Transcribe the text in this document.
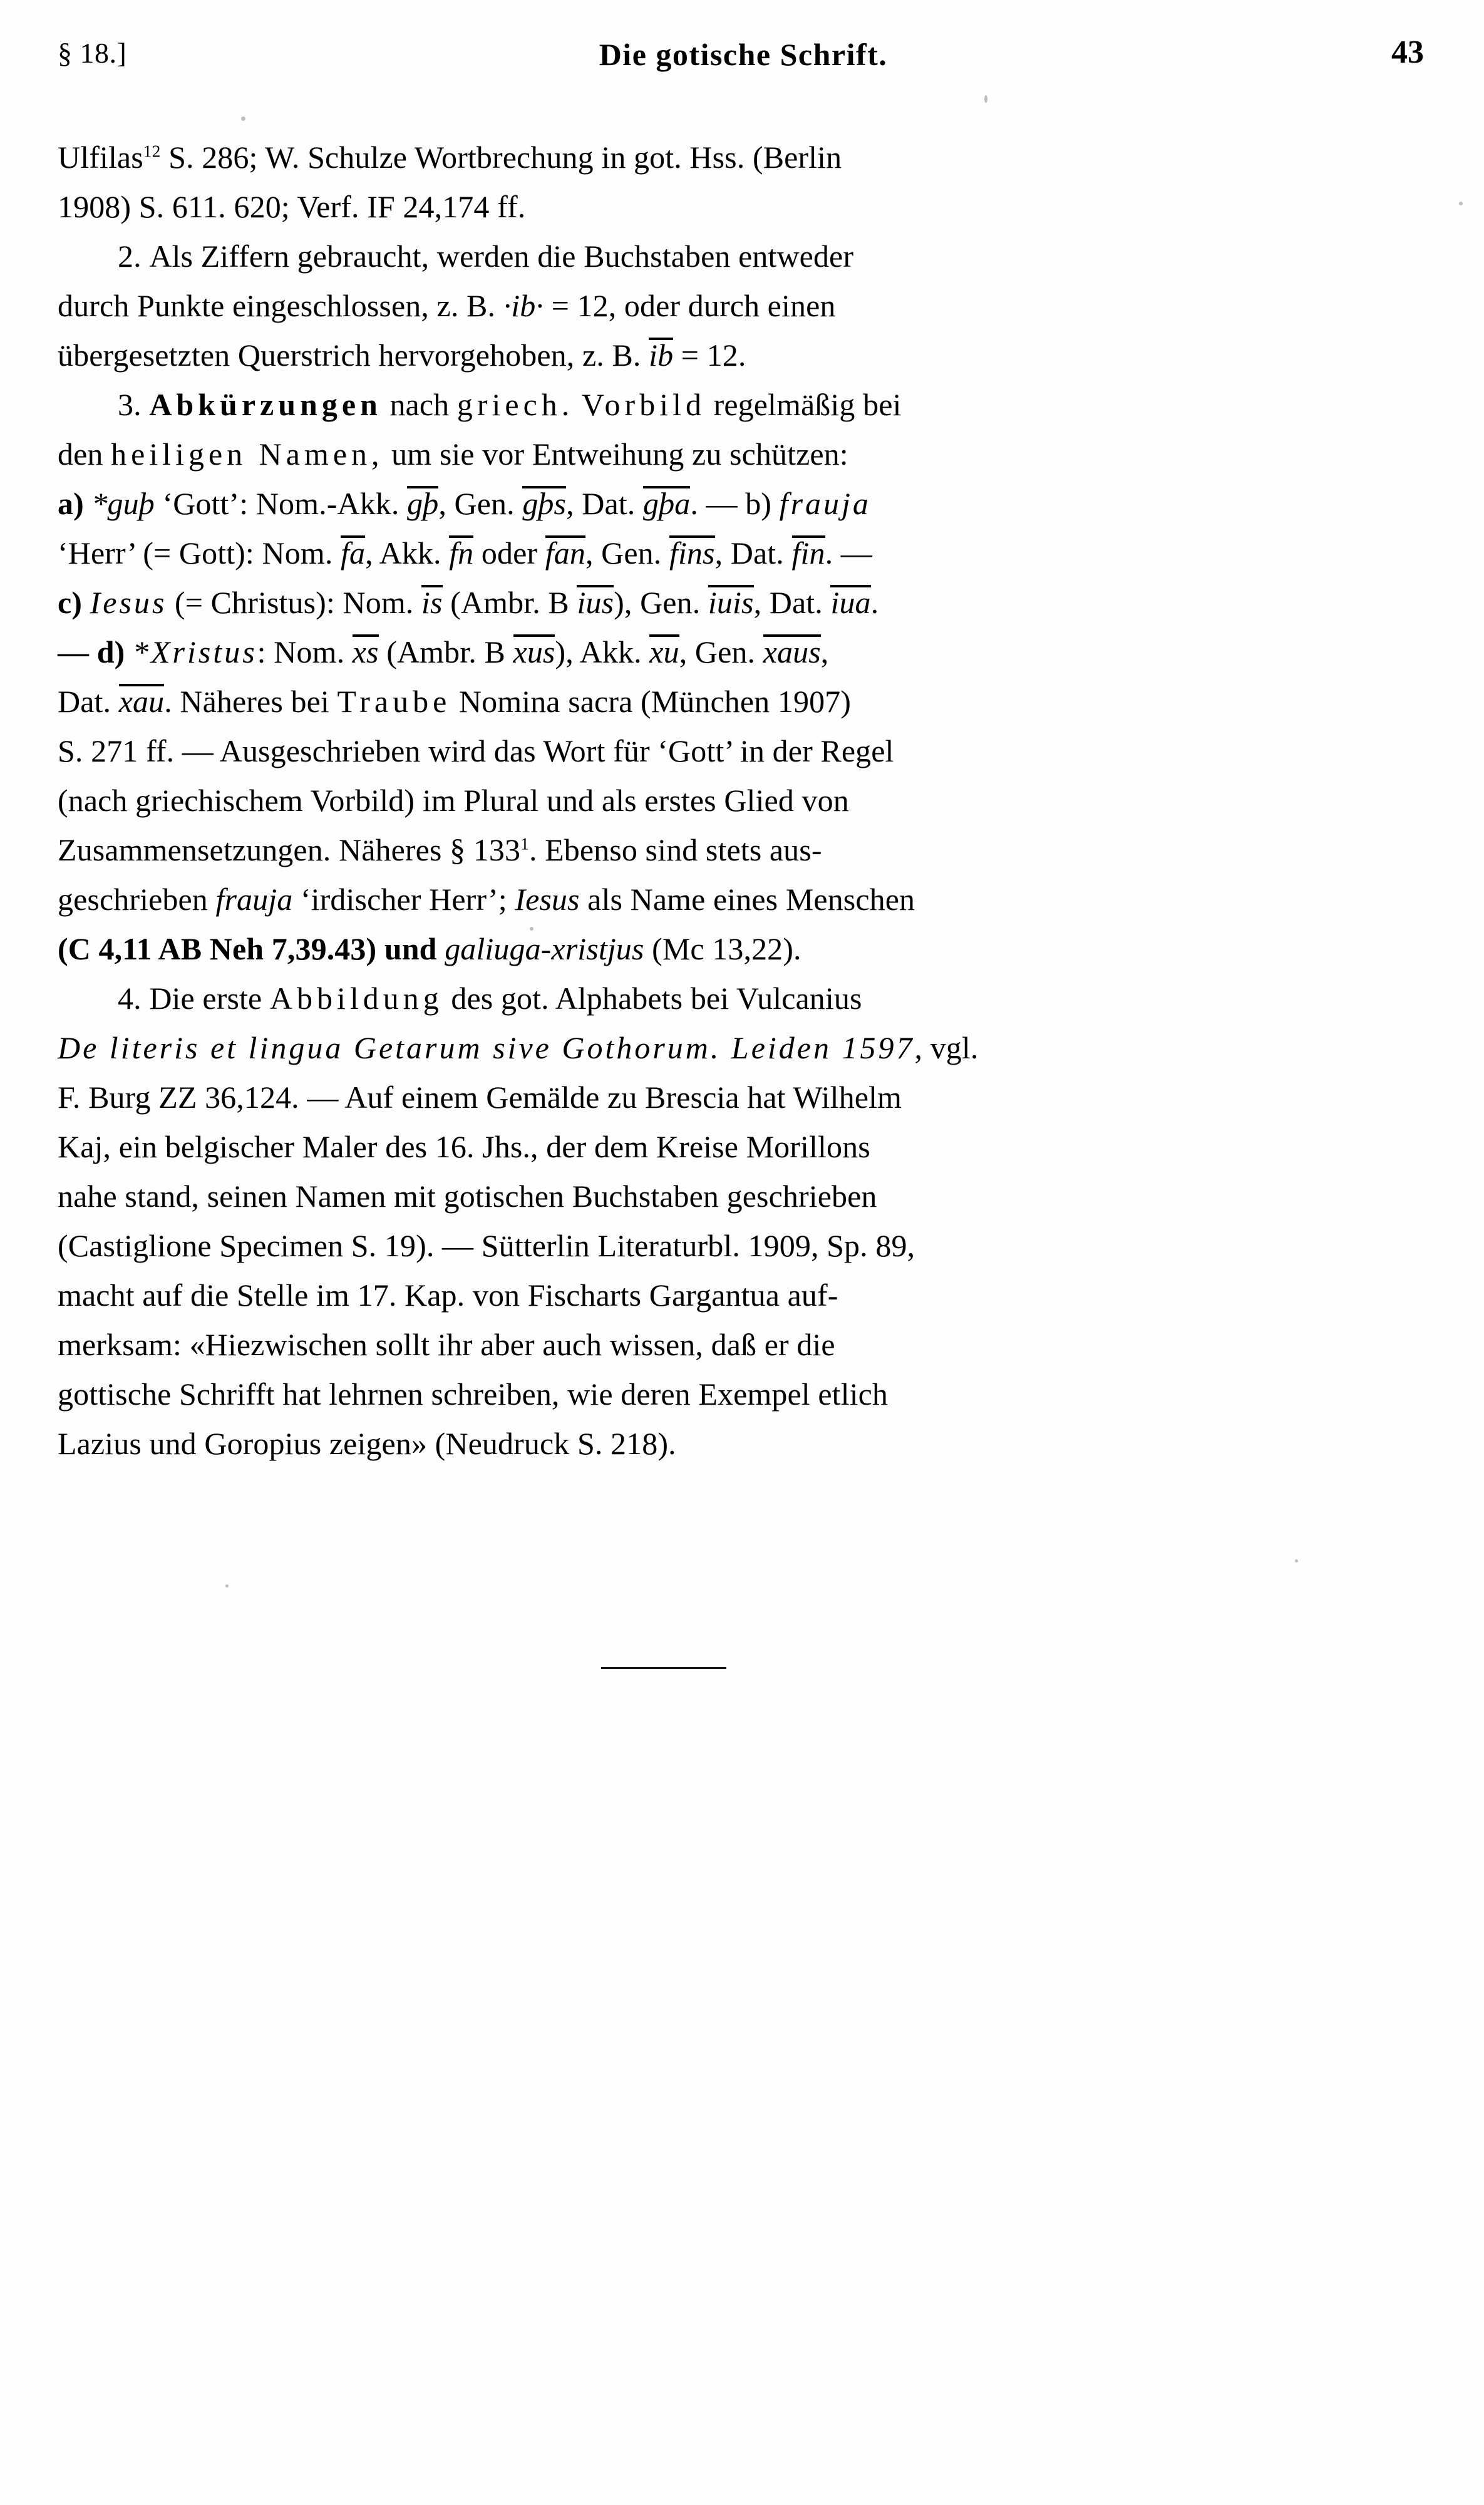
§ 18.]	Die gotische Schrift.	43
Ulfilas$^{12}$ S. 286; W. Schulze Wortbrechung in got. Hss. (Berlin
1908) S. 611. 620; Verf. IF 24,174 ff.
2. Als Ziffern gebraucht, werden die Buchstaben entweder
durch Punkte eingeschlossen, z. B. ·ib· = 12, oder durch einen
übergesetzten Querstrich hervorgehoben, z. B. ib = 12.
3. Abkürzungen nach griech. Vorbild regelmäßig bei
den heiligen Namen, um sie vor Entweihung zu schützen:
a) *guþ ‘Gott’: Nom.-Akk. gþ, Gen. gþs, Dat. gþa. — b) frauja
‘Herr’ (= Gott): Nom. fa, Akk. fn oder fan, Gen. fins, Dat. fin. —
c) Iesus (= Christus): Nom. is (Ambr. B ius), Gen. iuis, Dat. iua.
— d) *Xristus: Nom. xs (Ambr. B xus), Akk. xu, Gen. xaus,
Dat. xau. Näheres bei Traube Nomina sacra (München 1907)
S. 271 ff. — Ausgeschrieben wird das Wort für ‘Gott’ in der Regel
(nach griechischem Vorbild) im Plural und als erstes Glied von
Zusammensetzungen. Näheres § $133^1$. Ebenso sind stets aus-
geschrieben frauja ‘irdischer Herr’; Iesus als Name eines Menschen
(C 4,11 AB Neh 7,39.43) und galiuga-xristjus (Mc 13,22).
4. Die erste Abbildung des got. Alphabets bei Vulcanius
De literis et lingua Getarum sive Gothorum. Leiden 1597, vgl.
F. Burg ZZ 36,124. — Auf einem Gemälde zu Brescia hat Wilhelm
Kaj, ein belgischer Maler des 16. Jhs., der dem Kreise Morillons
nahe stand, seinen Namen mit gotischen Buchstaben geschrieben
(Castiglione Specimen S. 19). — Sütterlin Literaturbl. 1909, Sp. 89,
macht auf die Stelle im 17. Kap. von Fischarts Gargantua auf-
merksam: «Hiezwischen sollt ihr aber auch wissen, daß er die
gottische Schrifft hat lehrnen schreiben, wie deren Exempel etlich
Lazius und Goropius zeigen» (Neudruck S. 218).
